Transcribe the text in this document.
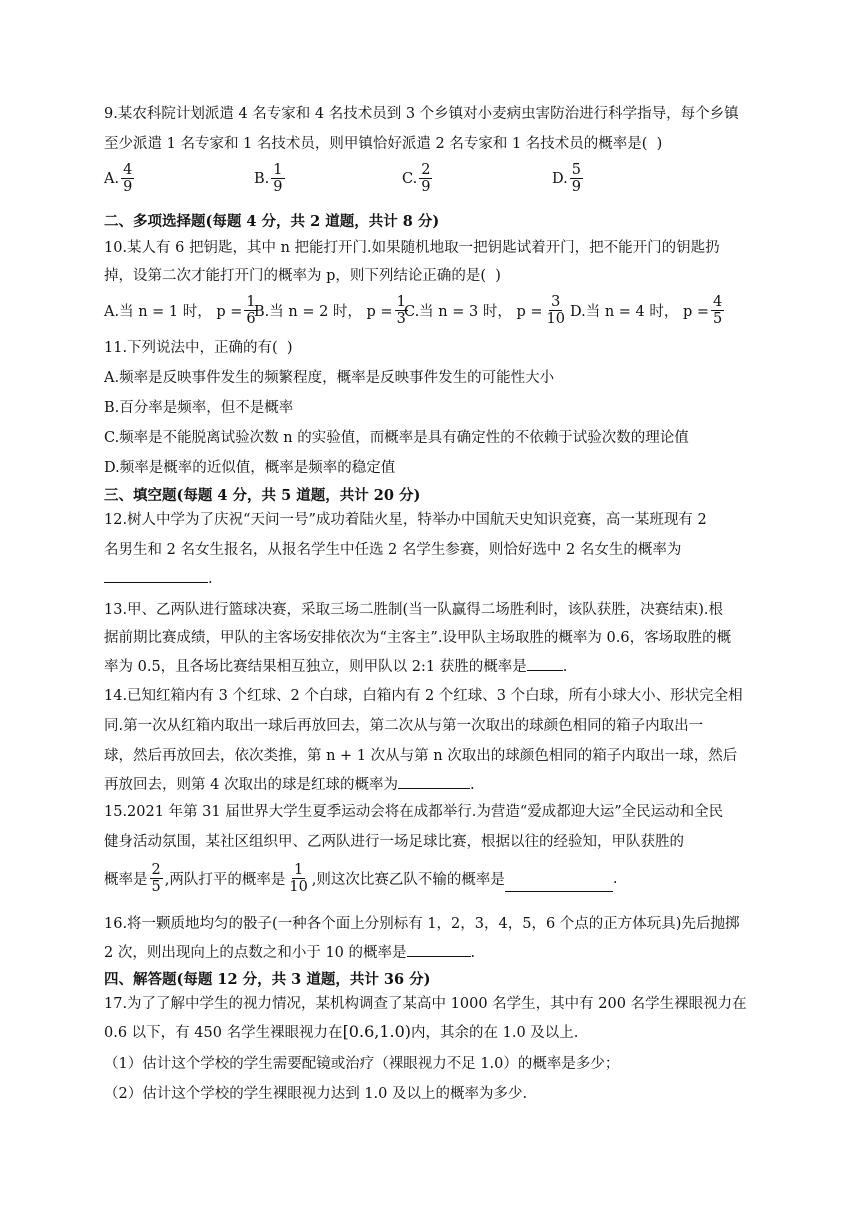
9.某农科院计划派遣 4 名专家和 4 名技术员到 3 个乡镇对小麦病虫害防治进行科学指导，每个乡镇
至少派遣 1 名专家和 1 名技术员，则甲镇恰好派遣 2 名专家和 1 名技术员的概率是(  )
A. $\frac{4}{9}$	B. $\frac{1}{9}$	C. $\frac{2}{9}$	D. $\frac{5}{9}$
二、多项选择题(每题 4 分，共 2 道题，共计 8 分)
10.某人有 6 把钥匙，其中 n 把能打开门.如果随机地取一把钥匙试着开门，把不能开门的钥匙扔
掉，设第二次才能打开门的概率为 p，则下列结论正确的是(  )
A.当 n = 1 时， $p = \frac{1}{6}$
B.当 n = 2 时， $p = \frac{1}{3}$
C.当 n = 3 时， $p = \frac{3}{10} D$.当 n = 4 时， $p = \frac{4}{5}$
11.下列说法中，正确的有(  )
A.频率是反映事件发生的频繁程度，概率是反映事件发生的可能性大小
B.百分率是频率，但不是概率
C.频率是不能脱离试验次数 n 的实验值，而概率是具有确定性的不依赖于试验次数的理论值
D.频率是概率的近似值，概率是频率的稳定值
三、填空题(每题 4 分，共 5 道题，共计 20 分)
12.树人中学为了庆祝“天问一号”成功着陆火星，特举办中国航天史知识竞赛，高一某班现有 2
名男生和 2 名女生报名，从报名学生中任选 2 名学生参赛，则恰好选中 2 名女生的概率为
.
13.甲、乙两队进行篮球决赛，采取三场二胜制(当一队赢得二场胜利时，该队获胜，决赛结束).根
据前期比赛成绩，甲队的主客场安排依次为“主客主”.设甲队主场取胜的概率为 0.6，客场取胜的概
率为 0.5，且各场比赛结果相互独立，则甲队以 2:1 获胜的概率是 .
14.已知红箱内有 3 个红球、2 个白球，白箱内有 2 个红球、3 个白球，所有小球大小、形状完全相
同.第一次从红箱内取出一球后再放回去，第二次从与第一次取出的球颜色相同的箱子内取出一
球，然后再放回去，依次类推，第 n + 1 次从与第 n 次取出的球颜色相同的箱子内取出一球，然后
再放回去，则第 4 次取出的球是红球的概率为	.
15.2021 年第 31 届世界大学生夏季运动会将在成都举行.为营造“爱成都迎大运”全民运动和全民
健身活动氛围，某社区组织甲、乙两队进行一场足球比赛，根据以往的经验知，甲队获胜的
概率是 $\frac{2}{5}$ ,两队打平的概率是 $\frac{1}{10}$ ,则这次比赛乙队不输的概率是	.
16.将一颗质地均匀的骰子(一种各个面上分别标有 1，2，3，4，5，6 个点的正方体玩具)先后抛掷
2 次，则出现向上的点数之和小于 10 的概率是	.
四、解答题(每题 12 分，共 3 道题，共计 36 分)
17.为了了解中学生的视力情况，某机构调查了某高中 1000 名学生，其中有 200 名学生裸眼视力在
0.6 以下，有 450 名学生裸眼视力在[0.6,1.0)内，其余的在 1.0 及以上.
（1）估计这个学校的学生需要配镜或治疗（裸眼视力不足 1.0）的概率是多少；
（2）估计这个学校的学生裸眼视力达到 1.0 及以上的概率为多少.
